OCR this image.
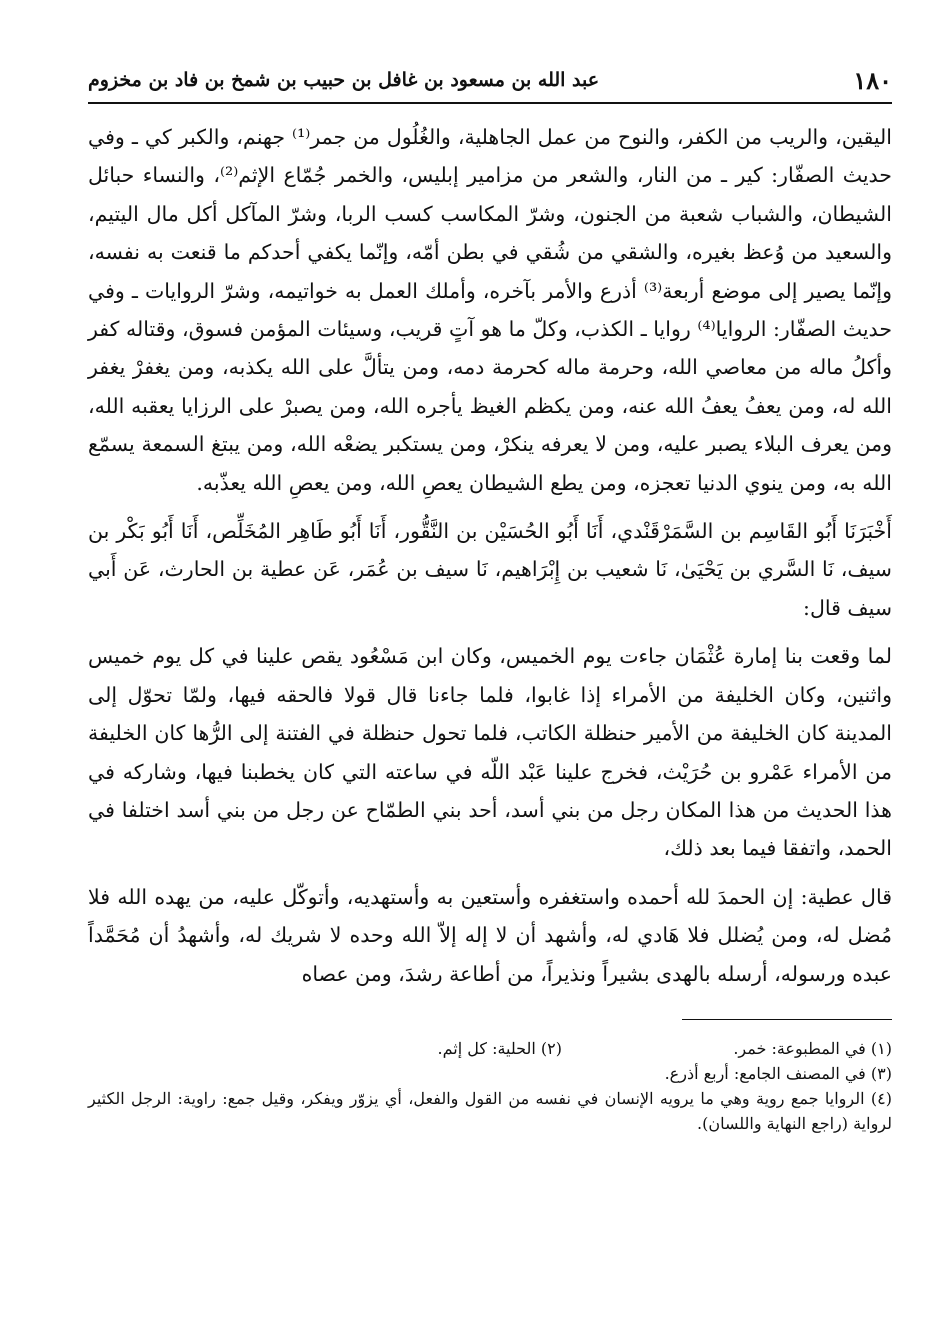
١٨٠
عبد الله بن مسعود بن غافل بن حبيب بن شمخ بن فاد بن مخزوم

اليقين، والريب من الكفر، والنوح من عمل الجاهلية، والغُلُول من جمر⁽¹⁾ جهنم، والكبر كي ـ وفي حديث الصفّار: كير ـ من النار، والشعر من مزامير إبليس، والخمر جُمّاع الإثم⁽²⁾، والنساء حبائل الشيطان، والشباب شعبة من الجنون، وشرّ المكاسب كسب الربا، وشرّ المآكل أكل مال اليتيم، والسعيد من وُعظ بغيره، والشقي من شُقي في بطن أمّه، وإنّما يكفي أحدكم ما قنعت به نفسه، وإنّما يصير إلى موضع أربعة⁽³⁾ أذرع والأمر بآخره، وأملك العمل به خواتيمه، وشرّ الروايات ـ وفي حديث الصفّار: الروايا⁽⁴⁾ روايا ـ الكذب، وكلّ ما هو آتٍ قريب، وسيئات المؤمن فسوق، وقتاله كفر وأكلُ ماله من معاصي الله، وحرمة ماله كحرمة دمه، ومن يتألَّ على الله يكذبه، ومن يغفرْ يغفر الله له، ومن يعفُ يعفُ الله عنه، ومن يكظم الغيظ يأجره الله، ومن يصبرْ على الرزايا يعقبه الله، ومن يعرف البلاء يصبر عليه، ومن لا يعرفه ينكرْ، ومن يستكبر يضعْه الله، ومن يبتغ السمعة يسمّع الله به، ومن ينوي الدنيا تعجزه، ومن يطع الشيطان يعصِ الله، ومن يعصِ الله يعذّبه.

أَخْبَرَنَا أَبُو القَاسِم بن السَّمَرْقَنْدي، أَنَا أَبُو الحُسَيْن بن النَّقُّور، أَنَا أَبُو طَاهِر المُخَلِّص، أَنَا أَبُو بَكْر بن سيف، نَا السَّري بن يَحْيَىٰ، نَا شعيب بن إِبْرَاهيم، نَا سيف بن عُمَر، عَن عطية بن الحارث، عَن أَبي سيف قال:

لما وقعت بنا إمارة عُثْمَان جاءت يوم الخميس، وكان ابن مَسْعُود يقص علينا في كل يوم خميس واثنين، وكان الخليفة من الأمراء إذا غابوا، فلما جاءنا قال قولا فالحقه فيها، ولمّا تحوّل إلى المدينة كان الخليفة من الأمير حنظلة الكاتب، فلما تحول حنظلة في الفتنة إلى الرُّها كان الخليفة من الأمراء عَمْرو بن حُرَيْث، فخرج علينا عَبْد اللّه في ساعته التي كان يخطبنا فيها، وشاركه في هذا الحديث من هذا المكان رجل من بني أسد، أحد بني الطمّاح عن رجل من بني أسد اختلفا في الحمد، واتفقا فيما بعد ذلك،

قال عطية: إن الحمدَ لله أحمده واستغفره وأستعين به وأستهديه، وأتوكّل عليه، من يهده الله فلا مُضل له، ومن يُضلل فلا هَادي له، وأشهد أن لا إله إلاّ الله وحده لا شريك له، وأشهدُ أن مُحَمَّداً عبده ورسوله، أرسله بالهدى بشيراً ونذيراً، من أطاعة رشدَ، ومن عصاه

(١) في المطبوعة: خمر.
(٢) الحلية: كل إثم.
(٣) في المصنف الجامع: أربع أذرع.
(٤) الروايا جمع روية وهي ما يرويه الإنسان في نفسه من القول والفعل، أي يزوّر ويفكر، وقيل جمع: راوية: الرجل الكثير لرواية (راجع النهاية واللسان).
